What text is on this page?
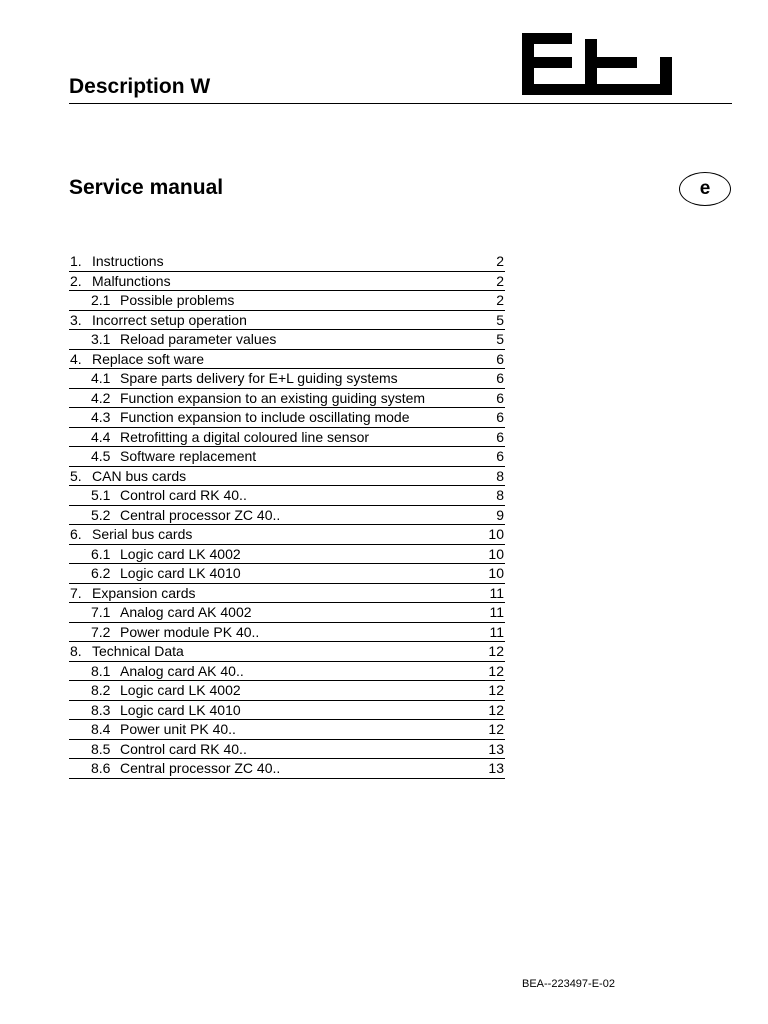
Description W
Service manual	e
1. Instructions	2
2. Malfunctions	2
2.1 Possible problems	2
3. Incorrect setup operation	5
3.1 Reload parameter values	5
4. Replace soft ware	6
4.1 Spare parts delivery for E+L guiding systems	6
4.2 Function expansion to an existing guiding system	6
4.3 Function expansion to include oscillating mode	6
4.4 Retrofitting a digital coloured line sensor	6
4.5 Software replacement	6
5. CAN bus cards	8
5.1 Control card RK 40..	8
5.2 Central processor ZC 40..	9
6. Serial bus cards	10
6.1 Logic card LK 4002	10
6.2 Logic card LK 4010	10
7. Expansion cards	11
7.1 Analog card AK 4002	11
7.2 Power module PK 40..	11
8. Technical Data	12
8.1 Analog card AK 40..	12
8.2 Logic card LK 4002	12
8.3 Logic card LK 4010	12
8.4 Power unit PK 40..	12
8.5 Control card RK 40..	13
8.6 Central processor ZC 40..	13
BEA--223497-E-02
